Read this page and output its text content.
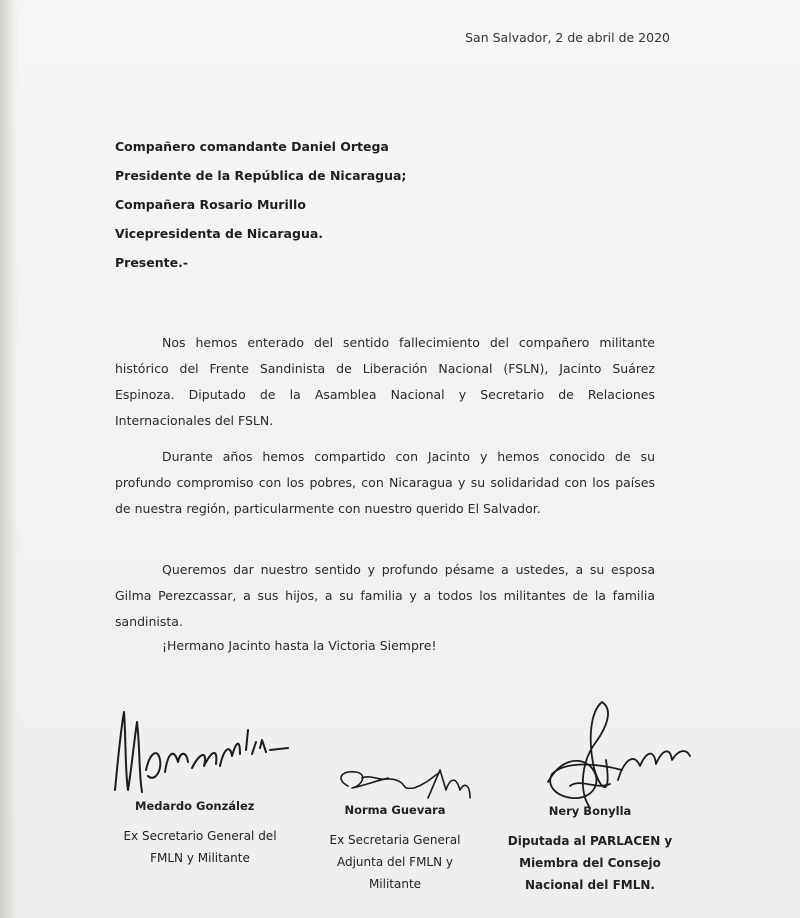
San Salvador, 2 de abril de 2020
Compañero comandante Daniel Ortega
Presidente de la República de Nicaragua;
Compañera Rosario Murillo
Vicepresidenta de Nicaragua.
Presente.-
Nos hemos enterado del sentido fallecimiento del compañero militante histórico del Frente Sandinista de Liberación Nacional (FSLN), Jacinto Suárez Espinoza. Diputado de la Asamblea Nacional y Secretario de Relaciones Internacionales del FSLN.
Durante años hemos compartido con Jacinto y hemos conocido de su profundo compromiso con los pobres, con Nicaragua y su solidaridad con los países de nuestra región, particularmente con nuestro querido El Salvador.
Queremos dar nuestro sentido y profundo pésame a ustedes, a su esposa Gilma Perezcassar, a sus hijos, a su familia y a todos los militantes de la familia sandinista.
¡Hermano Jacinto hasta la Victoria Siempre!
Medardo González
Ex Secretario General del
FMLN y Militante
Norma Guevara
Ex Secretaria General
Adjunta del FMLN y
Militante
Nery Bonylla
Diputada al PARLACEN y
Miembra del Consejo
Nacional del FMLN.
